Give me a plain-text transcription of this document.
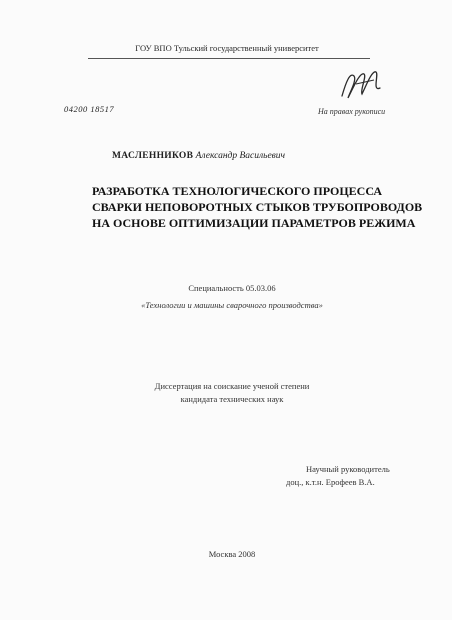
ГОУ ВПО Тульский государственный университет
04200 18517	На правах рукописи
МАСЛЕННИКОВ Александр Васильевич
РАЗРАБОТКА ТЕХНОЛОГИЧЕСКОГО ПРОЦЕССА
СВАРКИ НЕПОВОРОТНЫХ СТЫКОВ ТРУБОПРОВОДОВ
НА ОСНОВЕ ОПТИМИЗАЦИИ ПАРАМЕТРОВ РЕЖИМА
Специальность 05.03.06
«Технологии и машины сварочного производства»
Диссертация на соискание ученой степени
кандидата технических наук
Научный руководитель
доц., к.т.н. Ерофеев В.А.
Москва 2008
